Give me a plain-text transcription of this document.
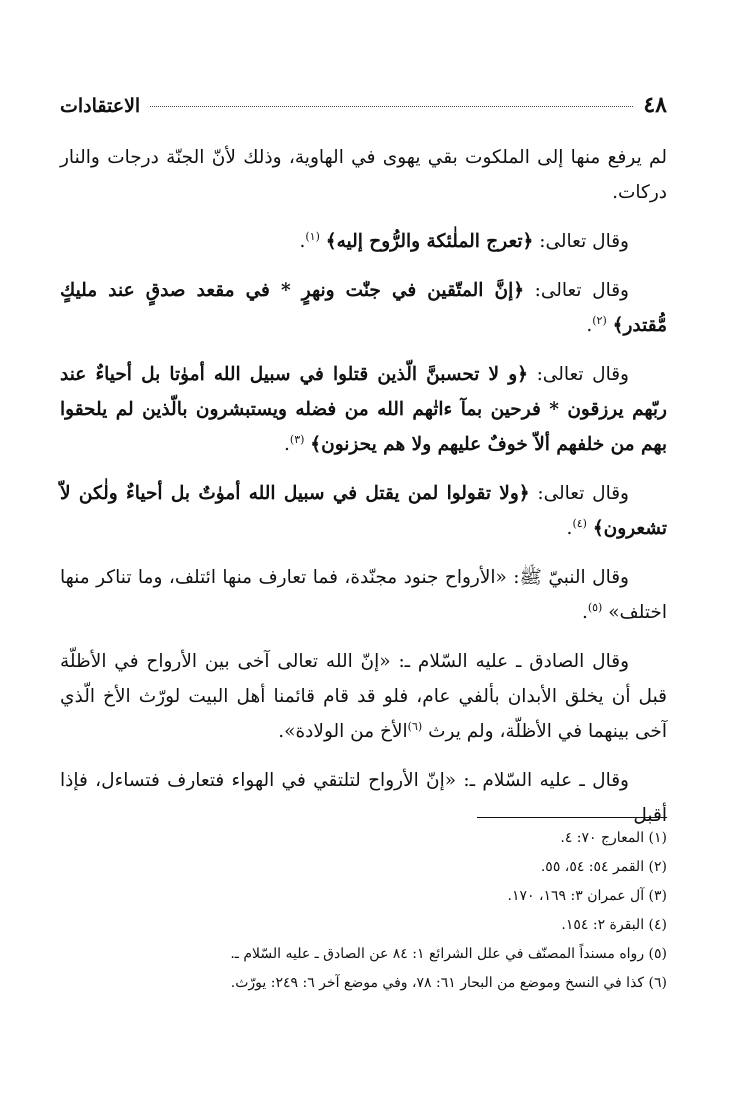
٤٨
الاعتقادات

لم يرفع منها إلى الملكوت بقي يهوى في الهاوية، وذلك لأنّ الجنّة درجات والنار دركات.

وقال تعالى: ﴿تعرج الملٰئكة والرُّوح إليه﴾ $^{(١)}$.

وقال تعالى: ﴿إنَّ المتّقين في جنّٰت ونهرٍ * في مقعد صدقٍ عند مليكٍ مُّقتدر﴾ $^{(٢)}$.

وقال تعالى: ﴿و لا تحسبنَّ الّذين قتلوا في سبيل الله أموٰتا بل أحياءٌ عند ربّهم يرزقون * فرحين بمآ ءاتٰهم الله من فضله ويستبشرون بالّذين لم يلحقوا بهم من خلفهم ألاّ خوفٌ عليهم ولا هم يحزنون﴾ $^{(٣)}$.

وقال تعالى: ﴿ولا تقولوا لمن يقتل في سبيل الله أموٰتٌ بل أحياءٌ ولٰكن لاّ تشعرون﴾ $^{(٤)}$.

وقال النبيّ ﷺ: «الأرواح جنود مجنّدة، فما تعارف منها ائتلف، وما تناكر منها اختلف» $^{(٥)}$.

وقال الصادق ـ عليه السّلام ـ: «إنّ الله تعالى آخى بين الأرواح في الأظلّة قبل أن يخلق الأبدان بألفي عام، فلو قد قام قائمنا أهل البيت لورّث الأخ الّذي آخى بينهما في الأظلّة، ولم يرث $^{(٦)}$الأخ من الولادة».

وقال ـ عليه السّلام ـ: «إنّ الأرواح لتلتقي في الهواء فتعارف فتساءل، فإذا أقبل

(١) المعارج ٧٠: ٤.
(٢) القمر ٥٤: ٥٤، ٥٥.
(٣) آل عمران ٣: ١٦٩، ١٧٠.
(٤) البقرة ٢: ١٥٤.
(٥) رواه مسنداً المصنّف في علل الشرائع ١: ٨٤ عن الصادق ـ عليه السّلام ـ.
(٦) كذا في النسخ وموضع من البحار ٦١: ٧٨، وفي موضع آخر ٦: ٢٤٩: يورّث.
